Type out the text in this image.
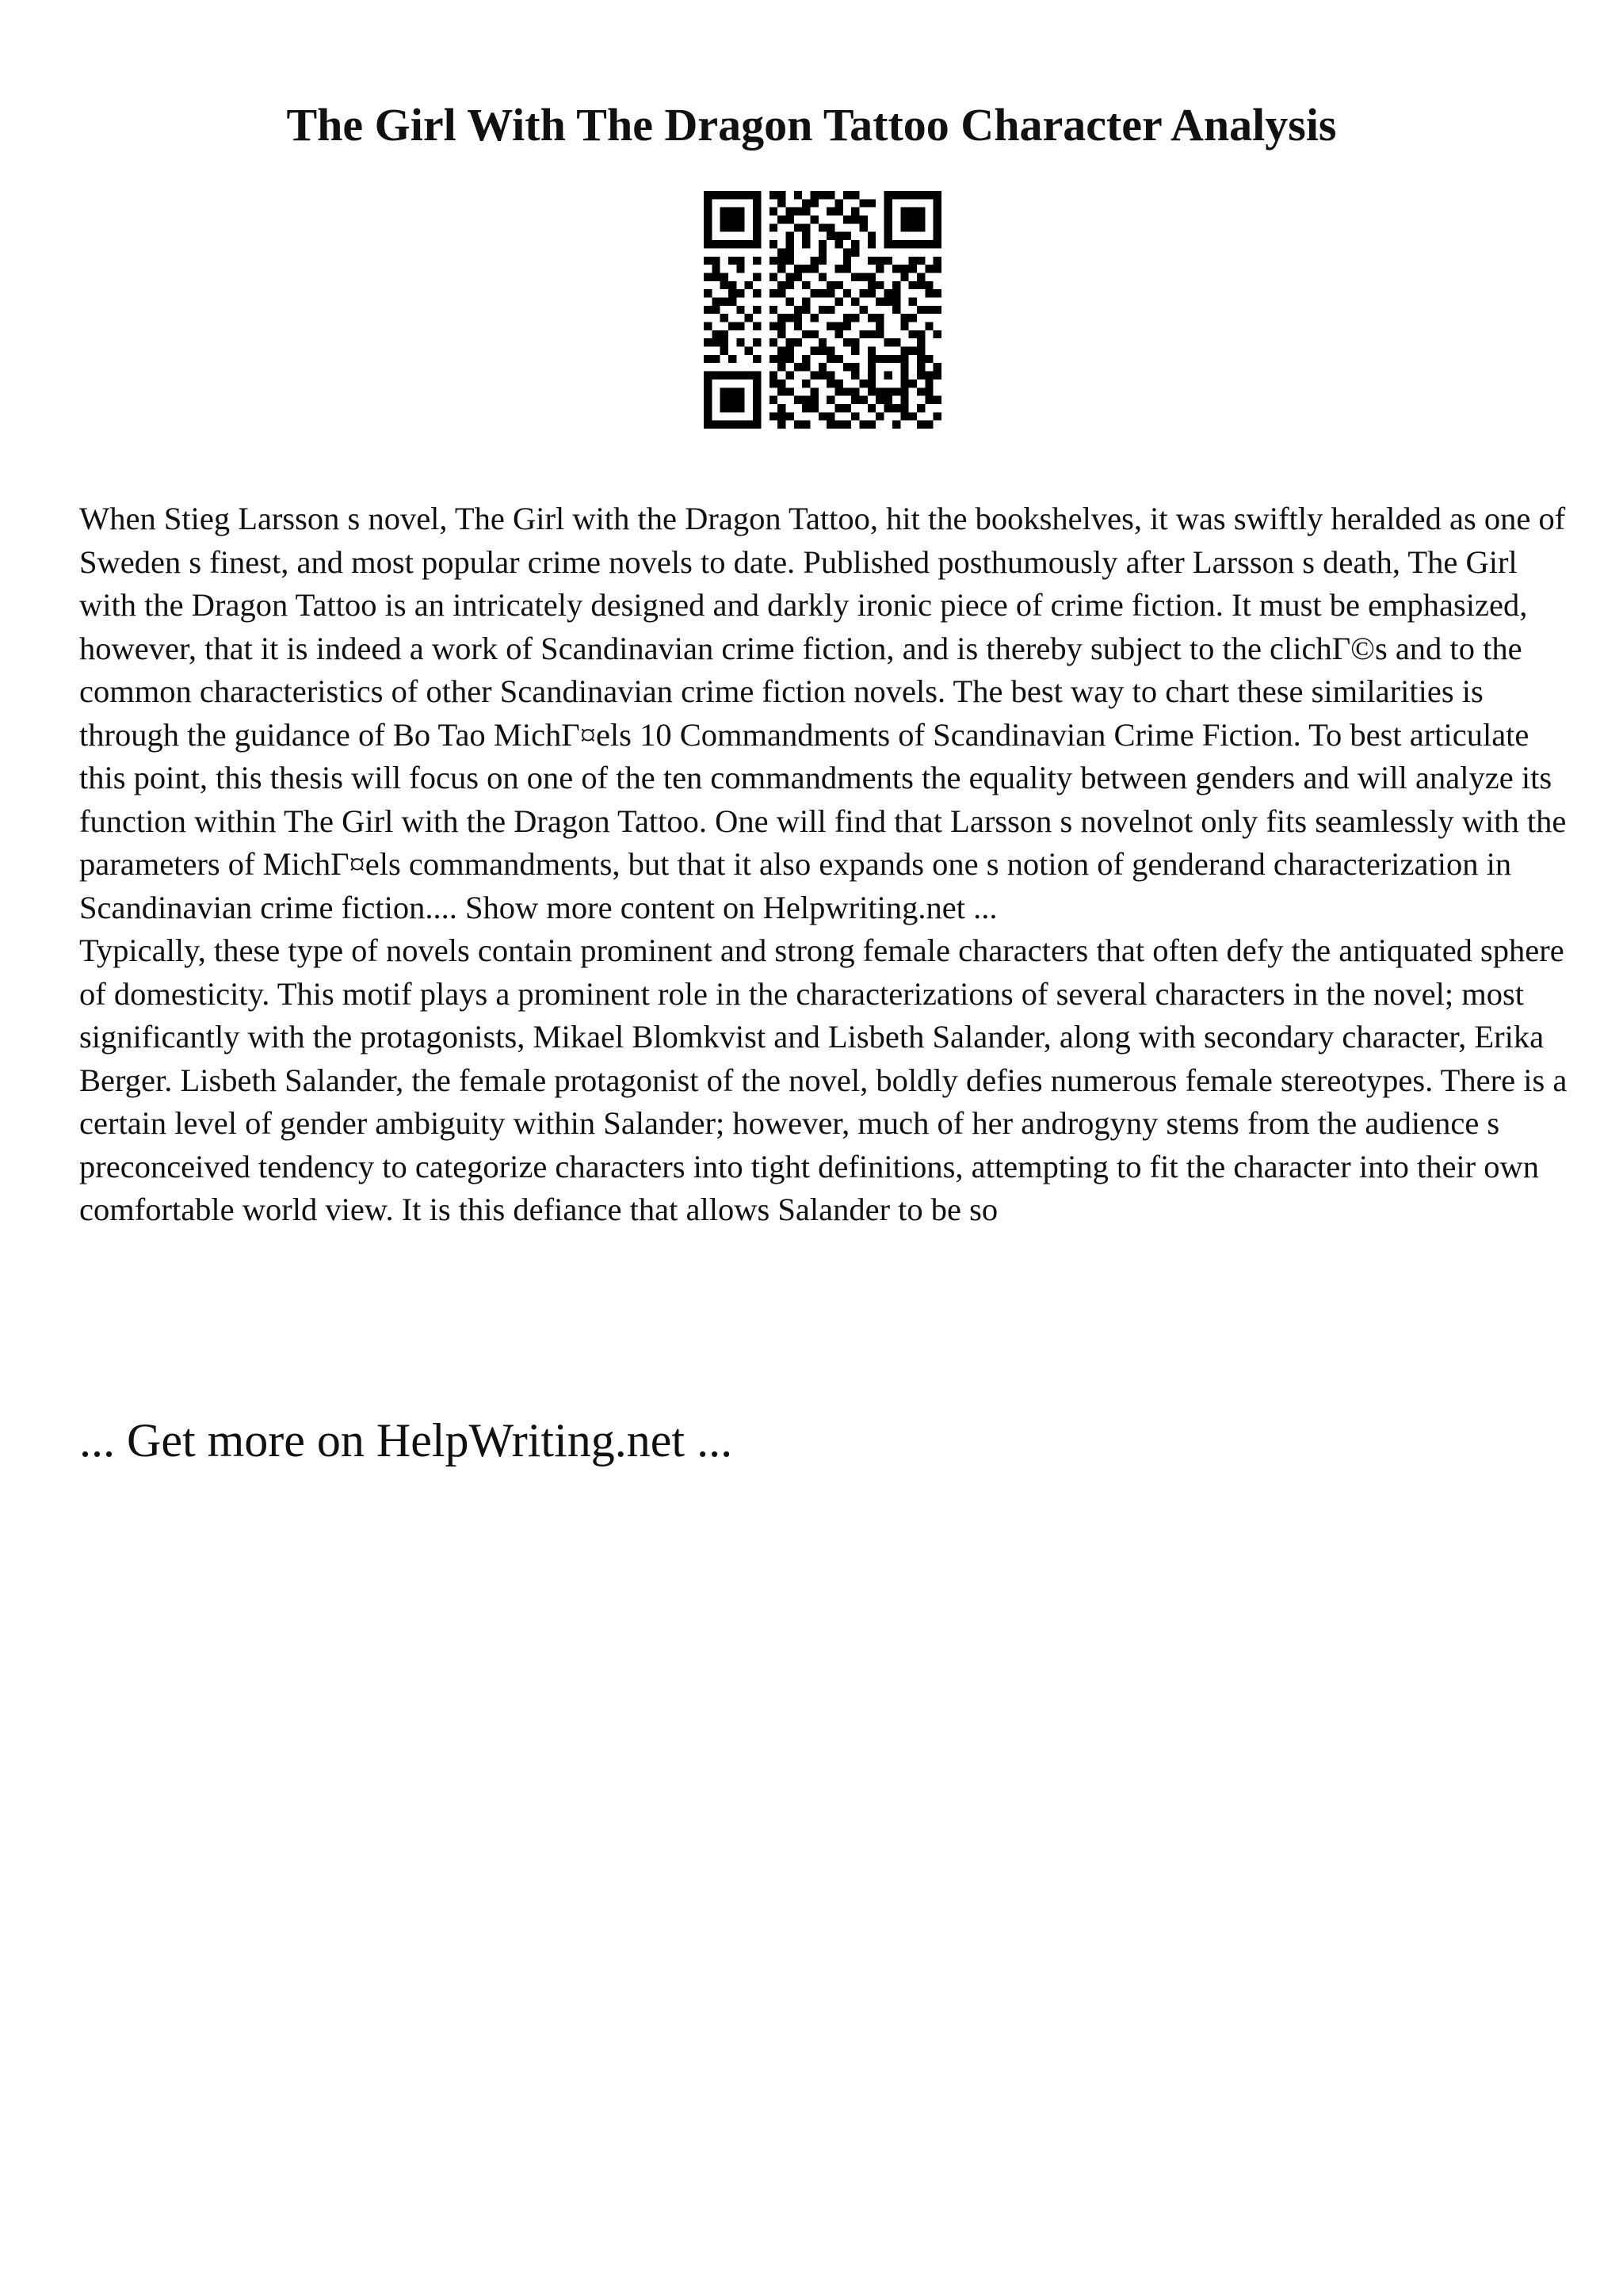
The Girl With The Dragon Tattoo Character Analysis

When Stieg Larsson s novel, The Girl with the Dragon Tattoo, hit the bookshelves, it was swiftly heralded as one of Sweden s finest, and most popular crime novels to date. Published posthumously after Larsson s death, The Girl with the Dragon Tattoo is an intricately designed and darkly ironic piece of crime fiction. It must be emphasized, however, that it is indeed a work of Scandinavian crime fiction, and is thereby subject to the clichΓ©s and to the common characteristics of other Scandinavian crime fiction novels. The best way to chart these similarities is through the guidance of Bo Tao MichΓ¤els 10 Commandments of Scandinavian Crime Fiction. To best articulate this point, this thesis will focus on one of the ten commandments the equality between genders and will analyze its function within The Girl with the Dragon Tattoo. One will find that Larsson s novelnot only fits seamlessly with the parameters of MichΓ¤els commandments, but that it also expands one s notion of genderand characterization in Scandinavian crime fiction.... Show more content on Helpwriting.net ...

Typically, these type of novels contain prominent and strong female characters that often defy the antiquated sphere of domesticity. This motif plays a prominent role in the characterizations of several characters in the novel; most significantly with the protagonists, Mikael Blomkvist and Lisbeth Salander, along with secondary character, Erika Berger. Lisbeth Salander, the female protagonist of the novel, boldly defies numerous female stereotypes. There is a certain level of gender ambiguity within Salander; however, much of her androgyny stems from the audience s preconceived tendency to categorize characters into tight definitions, attempting to fit the character into their own comfortable world view. It is this defiance that allows Salander to be so

... Get more on HelpWriting.net ...
